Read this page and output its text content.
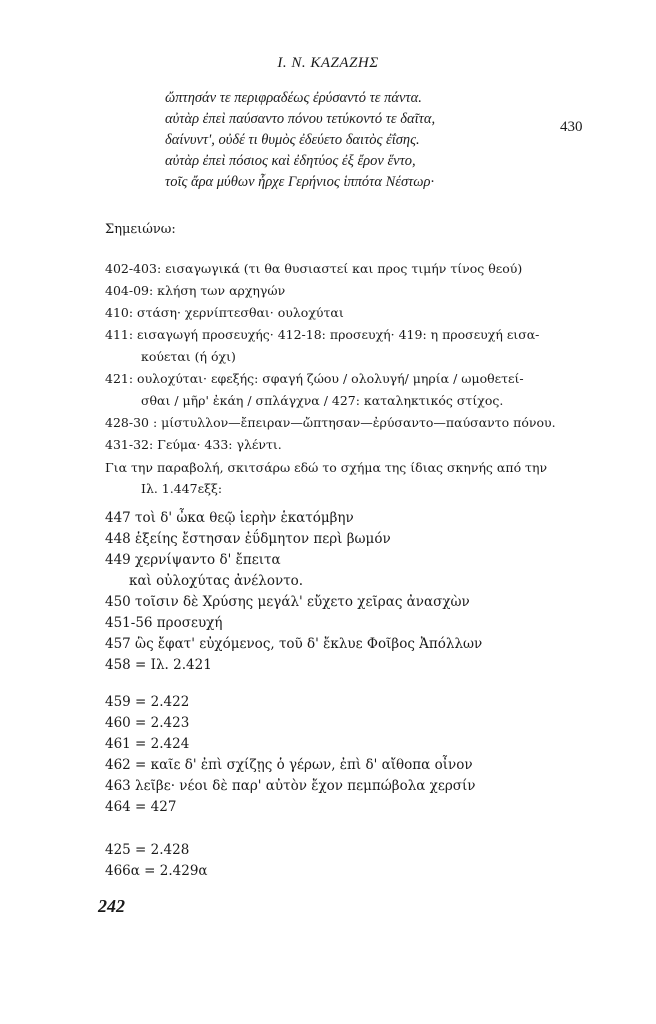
Ι. Ν. ΚΑΖΑΖΗΣ
ὤπτησάν τε περιφραδέως ἐρύσαντό τε πάντα.
αὐτὰρ ἐπεὶ παύσαντο πόνου τετύκοντό τε δαῖτα,
δαίνυντ', οὐδέ τι θυμὸς ἐδεύετο δαιτὸς ἐΐσης.
αὐτὰρ ἐπεὶ πόσιος καὶ ἐδητύος ἐξ ἔρον ἕντο,
τοῖς ἄρα μύθων ἦρχε Γερήνιος ἱππότα Νέστωρ·
430
Σημειώνω:
402-403: εισαγωγικά (τι θα θυσιαστεί και προς τιμήν τίνος θεού)
404-09: κλήση των αρχηγών
410: στάση· χερνίπτεσθαι· ουλοχύται
411: εισαγωγή προσευχής· 412-18: προσευχή· 419: η προσευχή εισα-
κούεται (ή όχι)
421: ουλοχύται· εφεξής: σφαγή ζώου / ολολυγή/ μηρία / ωμοθετεί-
σθαι / μῆρ' ἐκάη / σπλάγχνα / 427: καταληκτικός στίχος.
428-30 : μίστυλλον—ἔπειραν—ὤπτησαν—ἐρύσαντο—παύσαντο πόνου.
431-32: Γεύμα· 433: γλέντι.
Για την παραβολή, σκιτσάρω εδώ το σχήμα της ίδιας σκηνής από την
Ιλ. 1.447εξξ:
447 τοὶ δ' ὦκα θεῷ ἱερὴν ἑκατόμβην
448 ἑξείης ἔστησαν ἐΰδμητον περὶ βωμόν
449 χερνίψαντο δ' ἔπειτα
καὶ οὐλοχύτας ἀνέλοντο.
450 τοῖσιν δὲ Χρύσης μεγάλ' εὔχετο χεῖρας ἀνασχὼν
451-56 προσευχή
457 ὣς ἔφατ' εὐχόμενος, τοῦ δ' ἔκλυε Φοῖβος Ἀπόλλων
458 = Ιλ. 2.421
459 = 2.422
460 = 2.423
461 = 2.424
462 = καῖε δ' ἐπὶ σχίζῃς ὁ γέρων, ἐπὶ δ' αἴθοπα οἶνον
463 λεῖβε· νέοι δὲ παρ' αὐτὸν ἔχον πεμπώβολα χερσίν
464 = 427
425 = 2.428
466α = 2.429α
242
